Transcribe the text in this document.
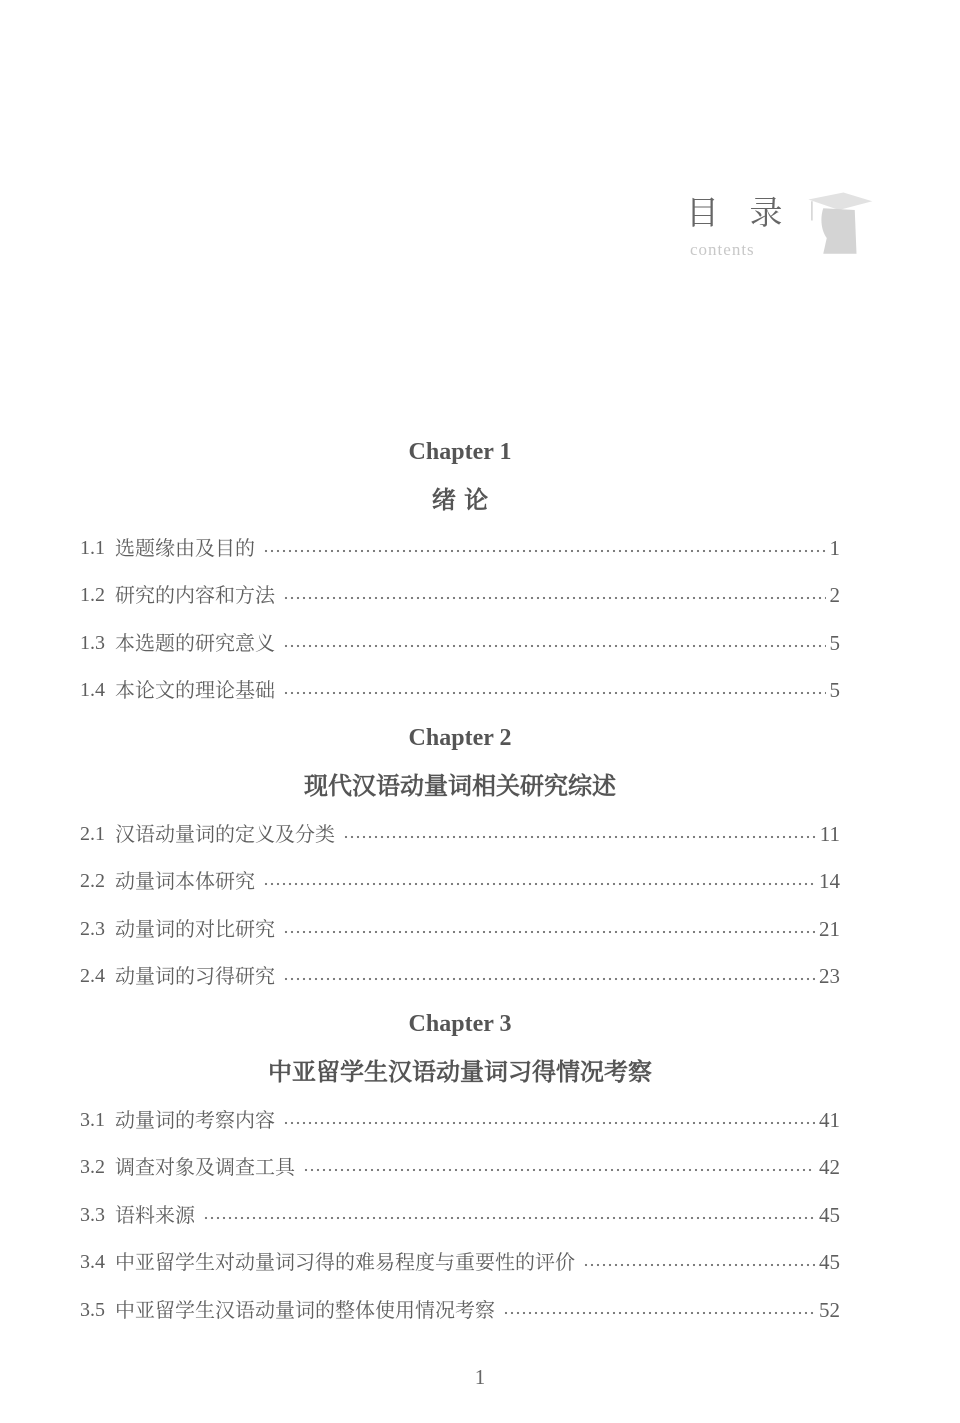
目 录
contents
Chapter 1
绪 论
1.1 选题缘由及目的	1
1.2 研究的内容和方法	2
1.3 本选题的研究意义	5
1.4 本论文的理论基础	5
Chapter 2
现代汉语动量词相关研究综述
2.1 汉语动量词的定义及分类	11
2.2 动量词本体研究	14
2.3 动量词的对比研究	21
2.4 动量词的习得研究	23
Chapter 3
中亚留学生汉语动量词习得情况考察
3.1 动量词的考察内容	41
3.2 调查对象及调查工具	42
3.3 语料来源	45
3.4 中亚留学生对动量词习得的难易程度与重要性的评价	45
3.5 中亚留学生汉语动量词的整体使用情况考察	52
1
